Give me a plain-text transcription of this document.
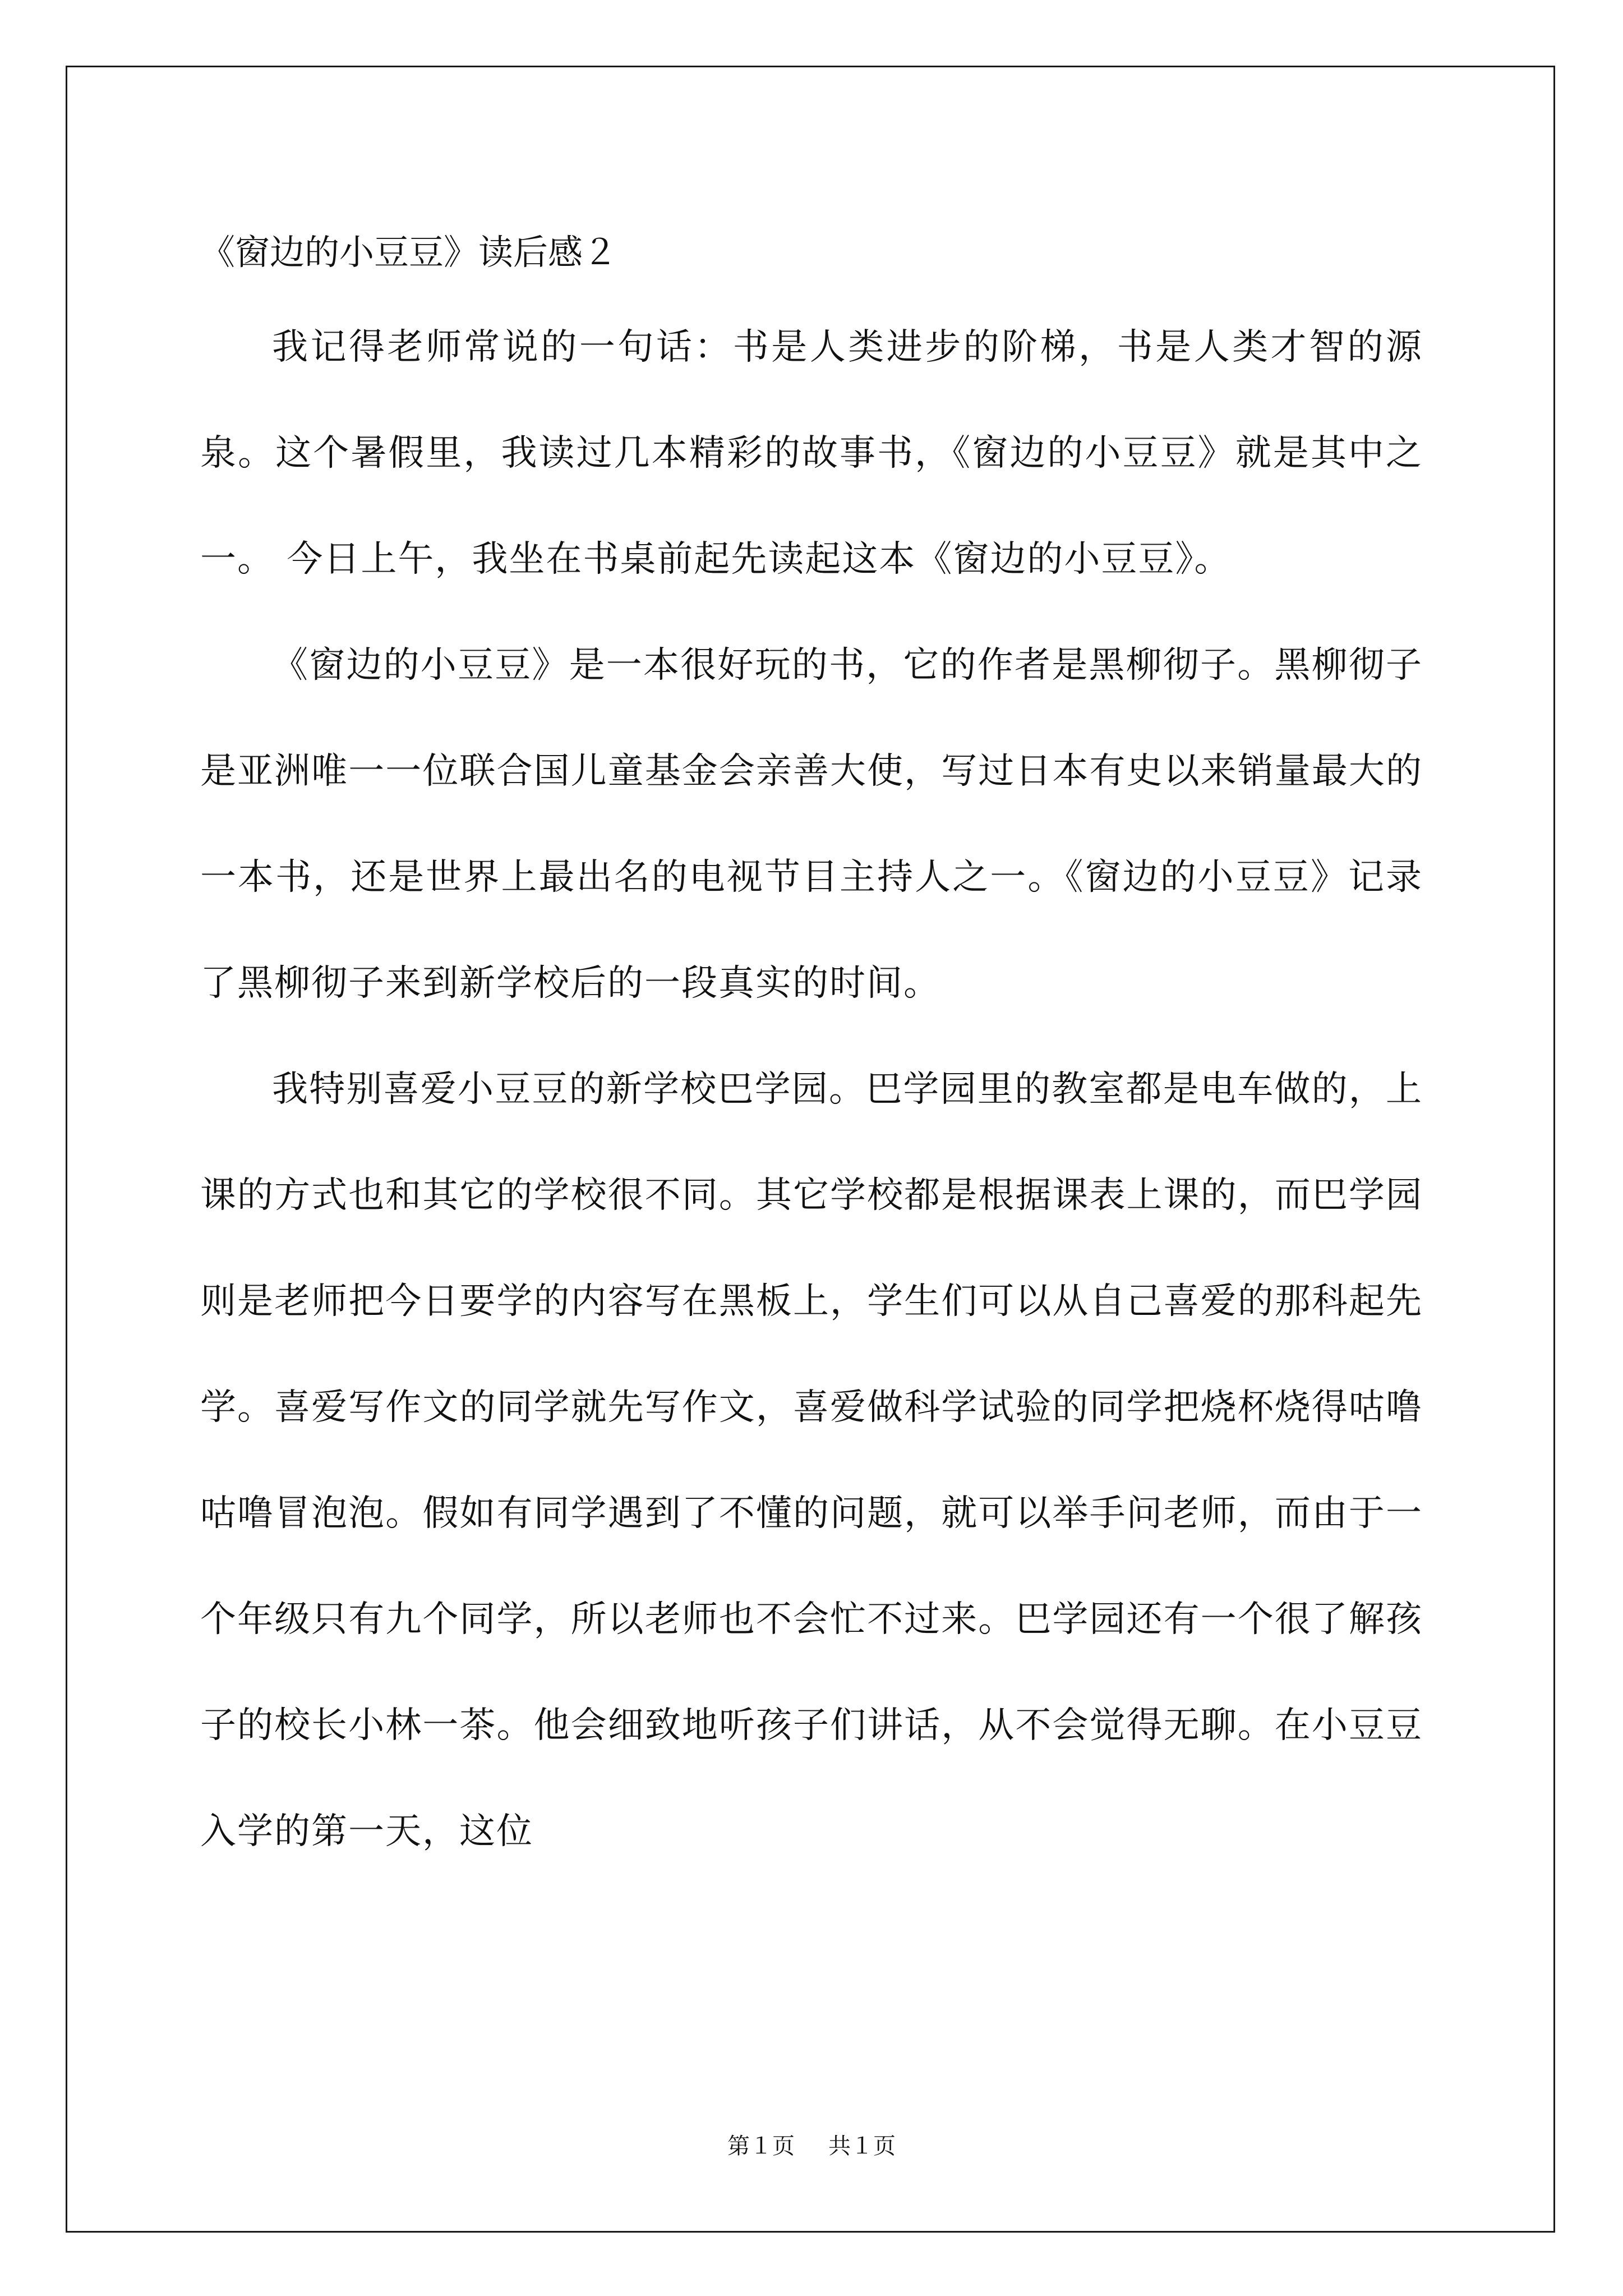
《窗边的小豆豆》读后感２

我记得老师常说的一句话：书是人类进步的阶梯，书是人类才智的源泉。这个暑假里，我读过几本精彩的故事书，《窗边的小豆豆》就是其中之一。 今日上午，我坐在书桌前起先读起这本《窗边的小豆豆》。

《窗边的小豆豆》是一本很好玩的书，它的作者是黑柳彻子。黑柳彻子是亚洲唯一一位联合国儿童基金会亲善大使，写过日本有史以来销量最大的一本书，还是世界上最出名的电视节目主持人之一。《窗边的小豆豆》记录了黑柳彻子来到新学校后的一段真实的时间。

我特别喜爱小豆豆的新学校巴学园。巴学园里的教室都是电车做的，上课的方式也和其它的学校很不同。其它学校都是根据课表上课的，而巴学园则是老师把今日要学的内容写在黑板上，学生们可以从自己喜爱的那科起先学。喜爱写作文的同学就先写作文，喜爱做科学试验的同学把烧杯烧得咕噜咕噜冒泡泡。假如有同学遇到了不懂的问题，就可以举手问老师，而由于一个年级只有九个同学，所以老师也不会忙不过来。巴学园还有一个很了解孩子的校长小林一茶。他会细致地听孩子们讲话，从不会觉得无聊。在小豆豆入学的第一天，这位

第１页 共１页
